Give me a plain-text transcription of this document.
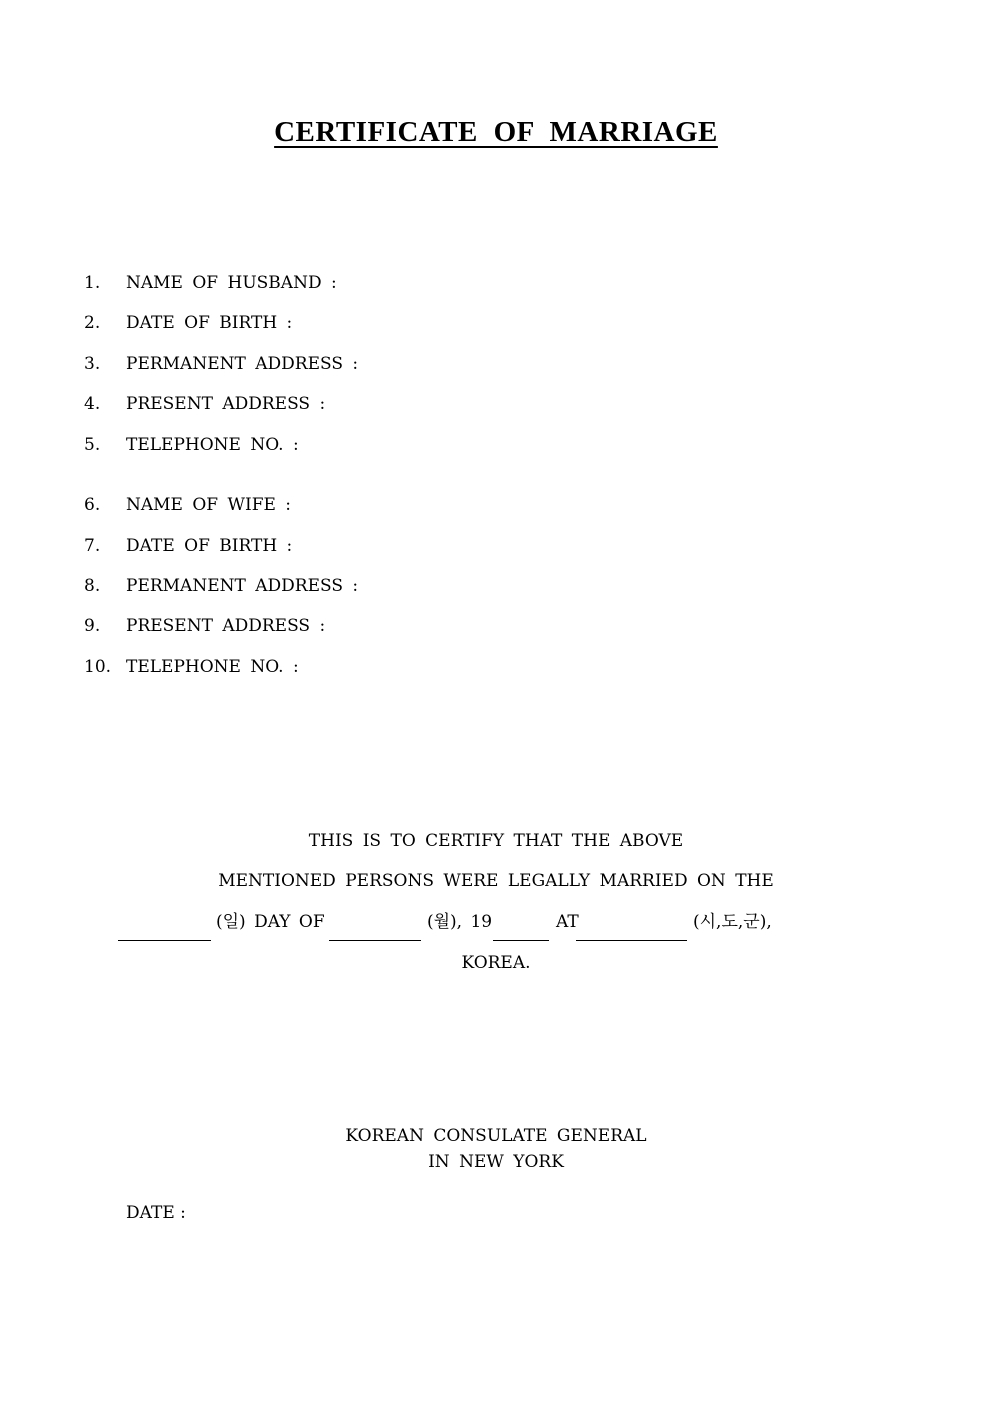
CERTIFICATE OF MARRIAGE
1. NAME OF HUSBAND :
2. DATE OF BIRTH :
3. PERMANENT ADDRESS :
4. PRESENT ADDRESS :
5. TELEPHONE NO. :
6. NAME OF WIFE :
7. DATE OF BIRTH :
8. PERMANENT ADDRESS :
9. PRESENT ADDRESS :
10. TELEPHONE NO. :
THIS IS TO CERTIFY THAT THE ABOVE
MENTIONED PERSONS WERE LEGALLY MARRIED ON THE
(일) DAY OF	(월), 19	AT	(시,도,군),
KOREA.
KOREAN CONSULATE GENERAL
IN NEW YORK
DATE :
